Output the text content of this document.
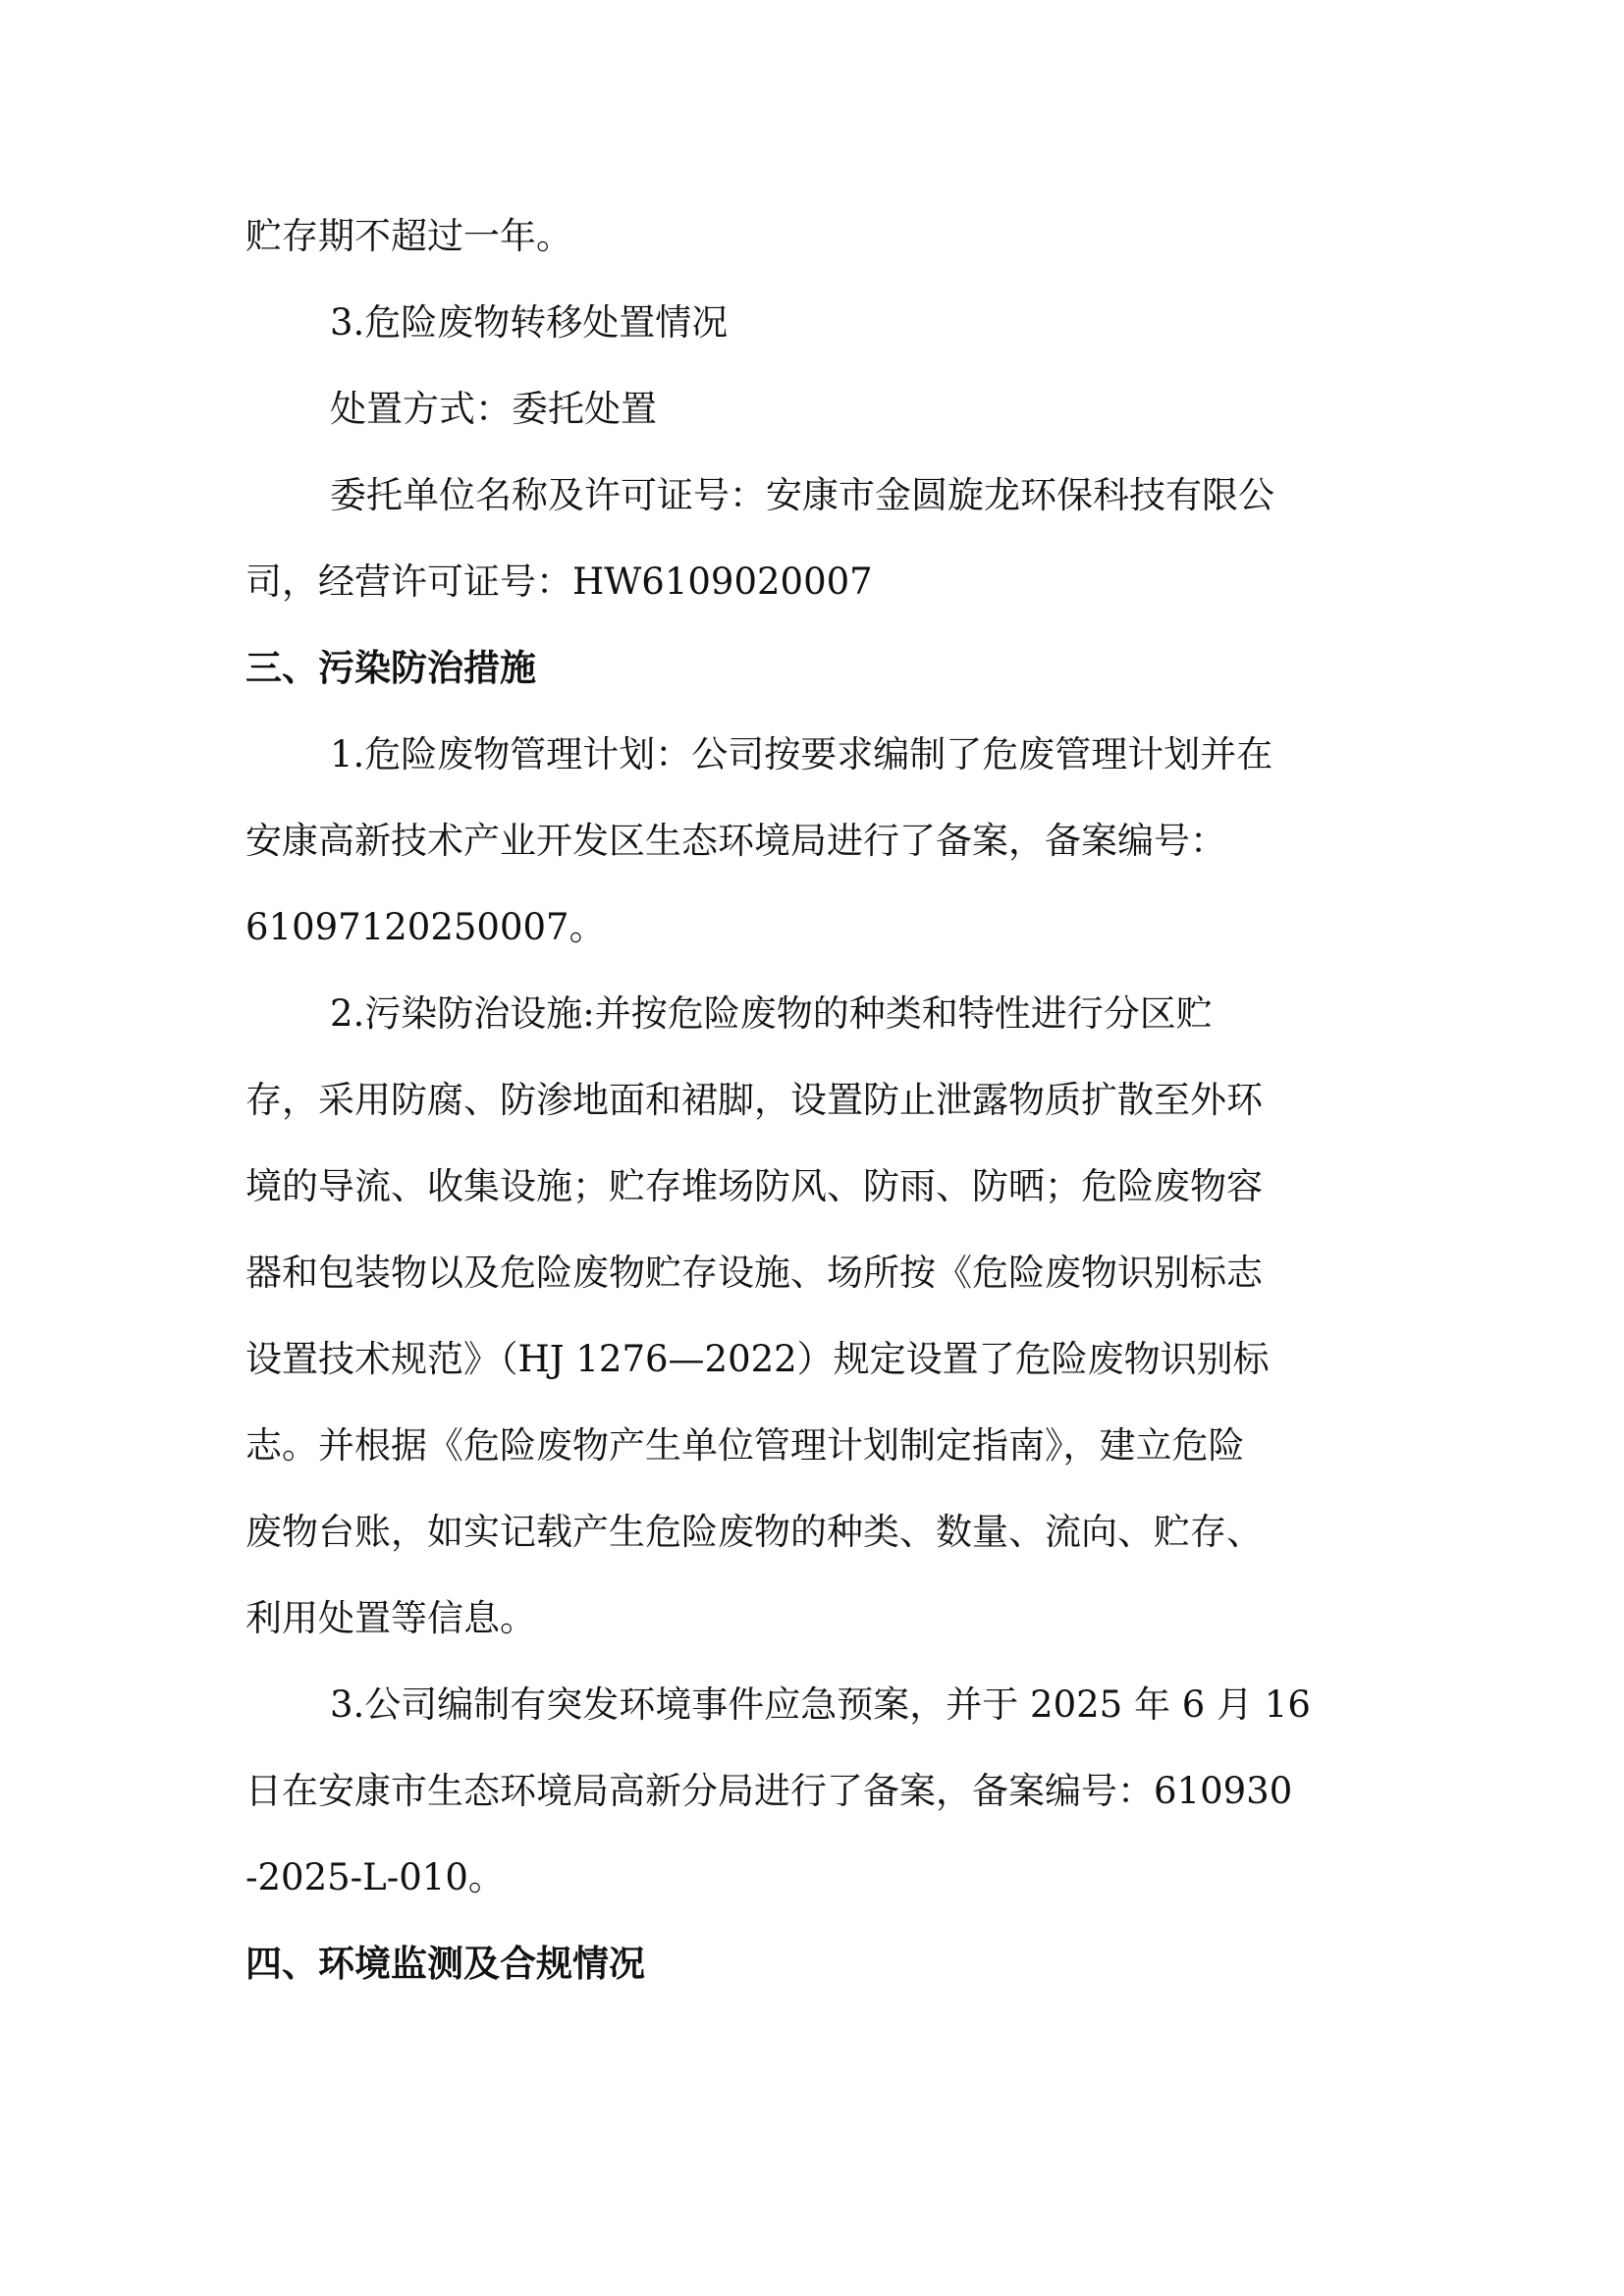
贮存期不超过一年。

3.危险废物转移处置情况

处置方式：委托处置

委托单位名称及许可证号：安康市金圆旋龙环保科技有限公

司，经营许可证号：HW6109020007

三、污染防治措施

1.危险废物管理计划：公司按要求编制了危废管理计划并在

安康高新技术产业开发区生态环境局进行了备案，备案编号：

61097120250007。

2.污染防治设施:并按危险废物的种类和特性进行分区贮

存，采用防腐、防渗地面和裙脚，设置防止泄露物质扩散至外环

境的导流、收集设施；贮存堆场防风、防雨、防晒；危险废物容

器和包装物以及危险废物贮存设施、场所按《危险废物识别标志

设置技术规范》（HJ 1276—2022）规定设置了危险废物识别标

志。并根据《危险废物产生单位管理计划制定指南》，建立危险

废物台账，如实记载产生危险废物的种类、数量、流向、贮存、

利用处置等信息。

3.公司编制有突发环境事件应急预案，并于 2025 年 6 月 16

日在安康市生态环境局高新分局进行了备案，备案编号：610930

-2025-L-010。

四、环境监测及合规情况
